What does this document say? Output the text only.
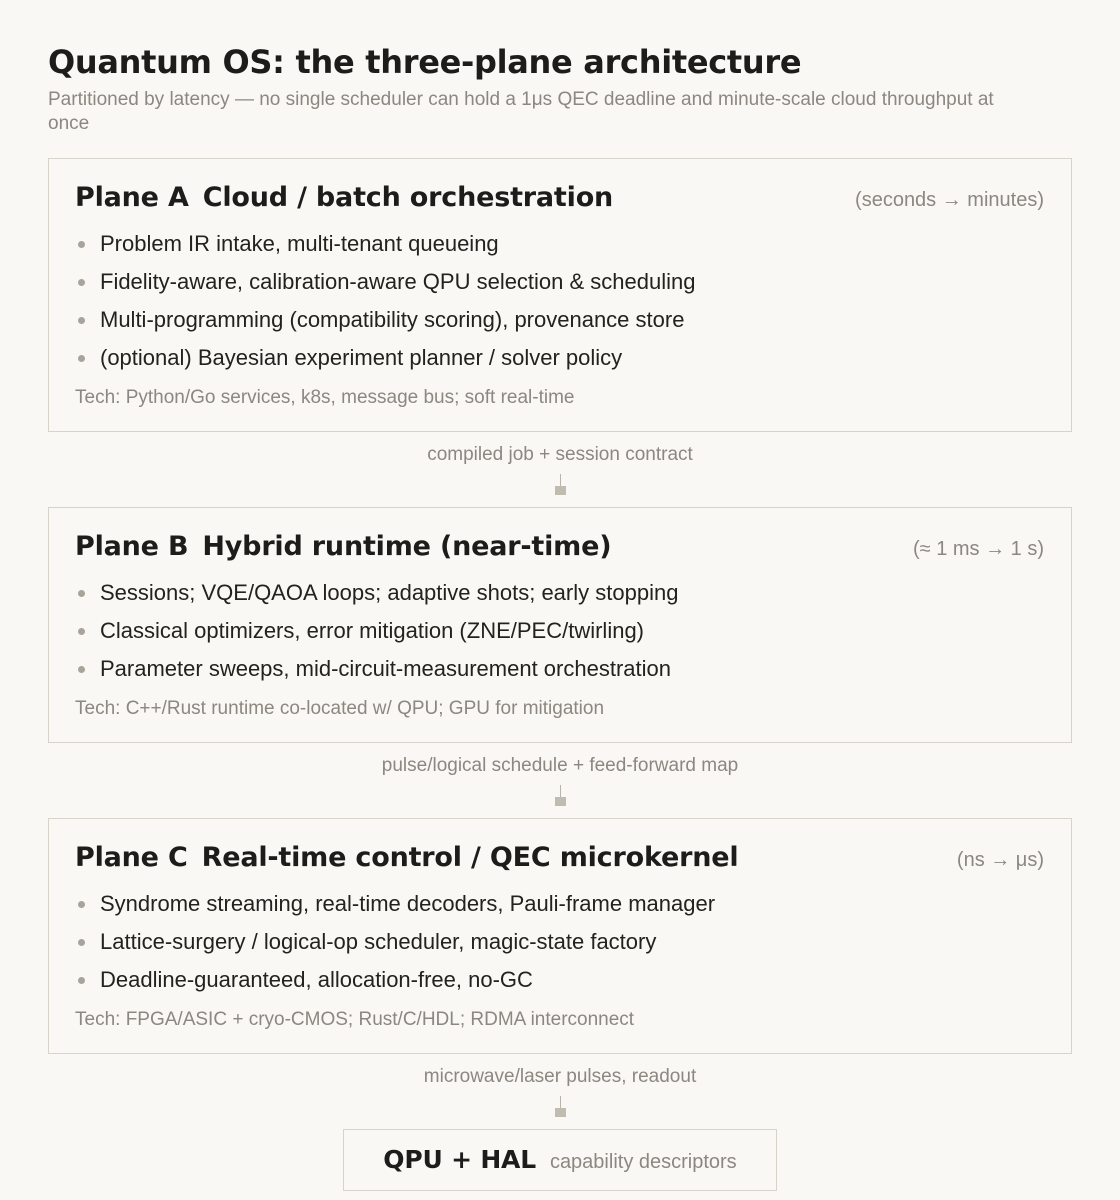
Quantum OS: the three-plane architecture
Partitioned by latency — no single scheduler can hold a 1μs QEC deadline and minute-scale cloud throughput at once
Plane A Cloud / batch orchestration	(seconds → minutes)
Problem IR intake, multi-tenant queueing
Fidelity-aware, calibration-aware QPU selection & scheduling
Multi-programming (compatibility scoring), provenance store
(optional) Bayesian experiment planner / solver policy
Tech: Python/Go services, k8s, message bus; soft real-time
compiled job + session contract
Plane B Hybrid runtime (near-time)	(≈ 1 ms → 1 s)
Sessions; VQE/QAOA loops; adaptive shots; early stopping
Classical optimizers, error mitigation (ZNE/PEC/twirling)
Parameter sweeps, mid-circuit-measurement orchestration
Tech: C++/Rust runtime co-located w/ QPU; GPU for mitigation
pulse/logical schedule + feed-forward map
Plane C Real-time control / QEC microkernel	(ns → μs)
Syndrome streaming, real-time decoders, Pauli-frame manager
Lattice-surgery / logical-op scheduler, magic-state factory
Deadline-guaranteed, allocation-free, no-GC
Tech: FPGA/ASIC + cryo-CMOS; Rust/C/HDL; RDMA interconnect
microwave/laser pulses, readout
QPU + HAL capability descriptors
